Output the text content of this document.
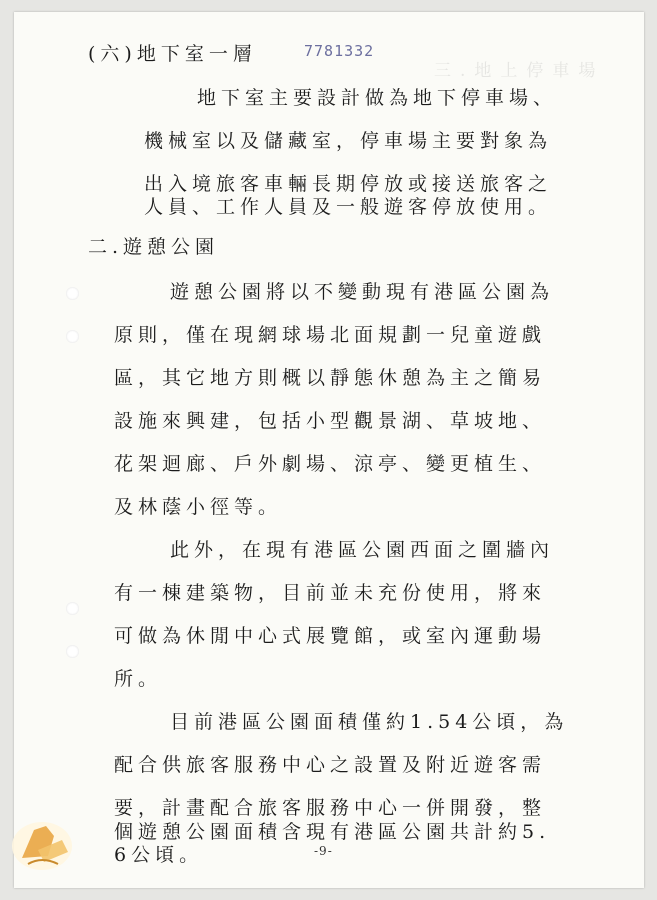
三.地上停車場

7781332
(六)地下室一層
地下室主要設計做為地下停車場、
機械室以及儲藏室，停車場主要對象為
出入境旅客車輛長期停放或接送旅客之
人員、工作人員及一般遊客停放使用。
二.遊憩公園
遊憩公園將以不變動現有港區公園為
原則，僅在現網球場北面規劃一兒童遊戲
區，其它地方則概以靜態休憩為主之簡易
設施來興建，包括小型觀景湖、草坡地、
花架迴廊、戶外劇場、涼亭、變更植生、
及林蔭小徑等。
此外，在現有港區公園西面之圍牆內
有一棟建築物，目前並未充份使用，將來
可做為休閒中心式展覽館，或室內運動場
所。
目前港區公園面積僅約1.54公頃，為
配合供旅客服務中心之設置及附近遊客需
要，計畫配合旅客服務中心一併開發，整
個遊憩公園面積含現有港區公園共計約5.
6公頃。	-9-
